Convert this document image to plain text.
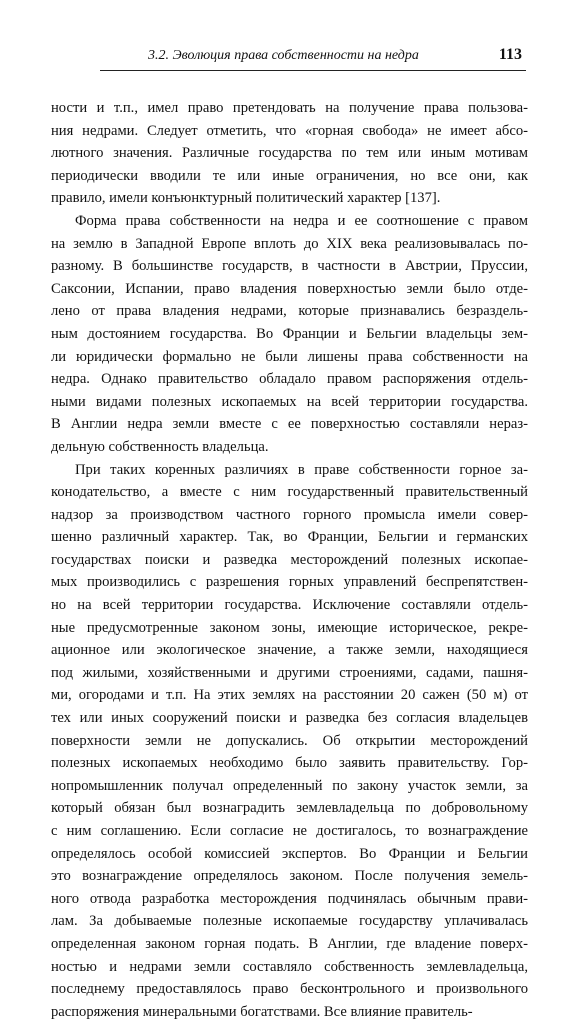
3.2. Эволюция права собственности на недра	113
ности и т.п., имел право претендовать на получение права пользова-
ния недрами. Следует отметить, что «горная свобода» не имеет абсо-
лютного значения. Различные государства по тем или иным мотивам
периодически вводили те или иные ограничения, но все они, как
правило, имели конъюнктурный политический характер [137].
Форма права собственности на недра и ее соотношение с правом
на землю в Западной Европе вплоть до XIX века реализовывалась по-
разному. В большинстве государств, в частности в Австрии, Пруссии,
Саксонии, Испании, право владения поверхностью земли было отде-
лено от права владения недрами, которые признавались безраздель-
ным достоянием государства. Во Франции и Бельгии владельцы зем-
ли юридически формально не были лишены права собственности на
недра. Однако правительство обладало правом распоряжения отдель-
ными видами полезных ископаемых на всей территории государства.
В Англии недра земли вместе с ее поверхностью составляли нераз-
дельную собственность владельца.
При таких коренных различиях в праве собственности горное за-
конодательство, а вместе с ним государственный правительственный
надзор за производством частного горного промысла имели совер-
шенно различный характер. Так, во Франции, Бельгии и германских
государствах поиски и разведка месторождений полезных ископае-
мых производились с разрешения горных управлений беспрепятствен-
но на всей территории государства. Исключение составляли отдель-
ные предусмотренные законом зоны, имеющие историческое, рекре-
ационное или экологическое значение, а также земли, находящиеся
под жилыми, хозяйственными и другими строениями, садами, пашня-
ми, огородами и т.п. На этих землях на расстоянии 20 сажен (50 м) от
тех или иных сооружений поиски и разведка без согласия владельцев
поверхности земли не допускались. Об открытии месторождений
полезных ископаемых необходимо было заявить правительству. Гор-
нопромышленник получал определенный по закону участок земли, за
который обязан был вознаградить землевладельца по добровольному
с ним соглашению. Если согласие не достигалось, то вознаграждение
определялось особой комиссией экспертов. Во Франции и Бельгии
это вознаграждение определялось законом. После получения земель-
ного отвода разработка месторождения подчинялась обычным прави-
лам. За добываемые полезные ископаемые государству уплачивалась
определенная законом горная подать. В Англии, где владение поверх-
ностью и недрами земли составляло собственность землевладельца,
последнему предоставлялось право бесконтрольного и произвольного
распоряжения минеральными богатствами. Все влияние правитель-
